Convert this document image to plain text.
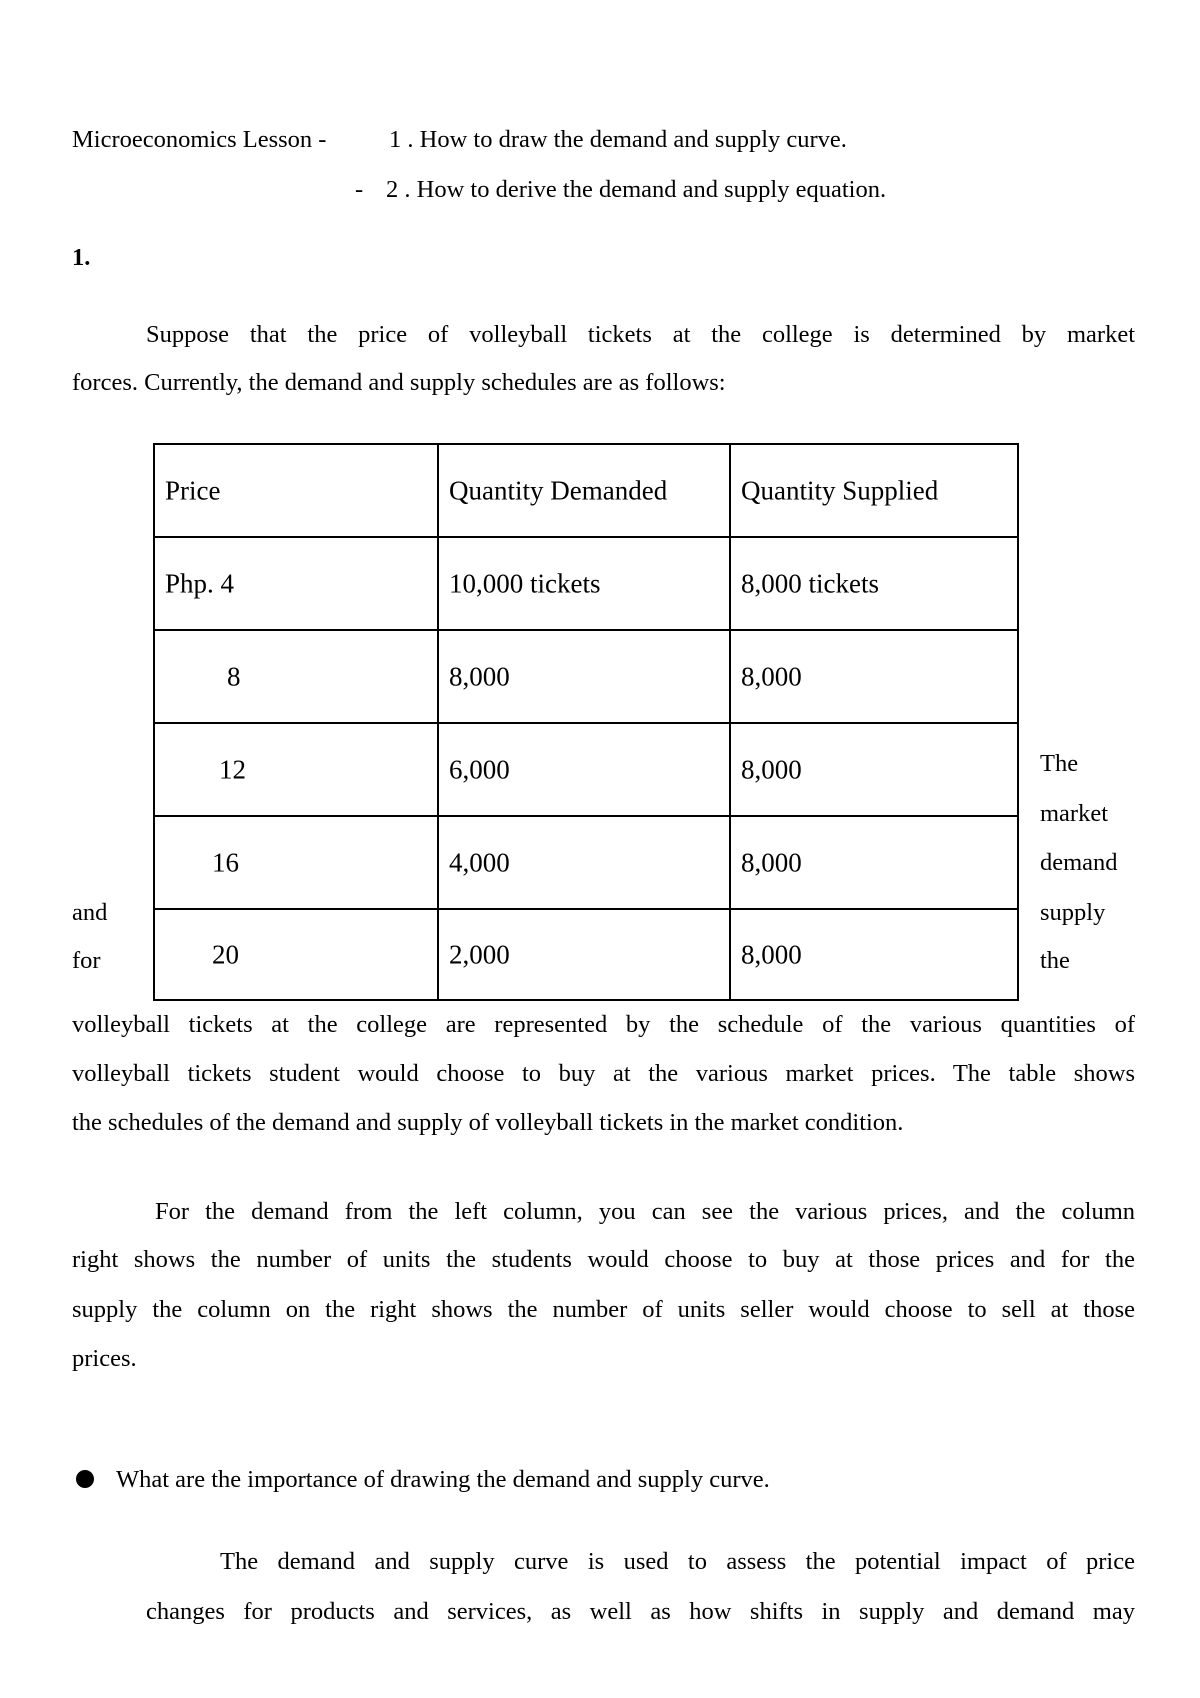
Microeconomics Lesson -	1 . How to draw the demand and supply curve.
- 2 . How to derive the demand and supply equation.
1.
Suppose that the price of volleyball tickets at the college is determined by market
forces. Currently, the demand and supply schedules are as follows:
Price	Quantity Demanded	Quantity Supplied
Php. 4	10,000 tickets	8,000 tickets
8	8,000	8,000
12	6,000	8,000
16	4,000	8,000
20	2,000	8,000
The
market
demand
supply
the
and
for
volleyball tickets at the college are represented by the schedule of the various quantities of
volleyball tickets student would choose to buy at the various market prices. The table shows
the schedules of the demand and supply of volleyball tickets in the market condition.
For the demand from the left column, you can see the various prices, and the column
right shows the number of units the students would choose to buy at those prices and for the
supply the column on the right shows the number of units seller would choose to sell at those
prices.
What are the importance of drawing the demand and supply curve.
The demand and supply curve is used to assess the potential impact of price
changes for products and services, as well as how shifts in supply and demand may
